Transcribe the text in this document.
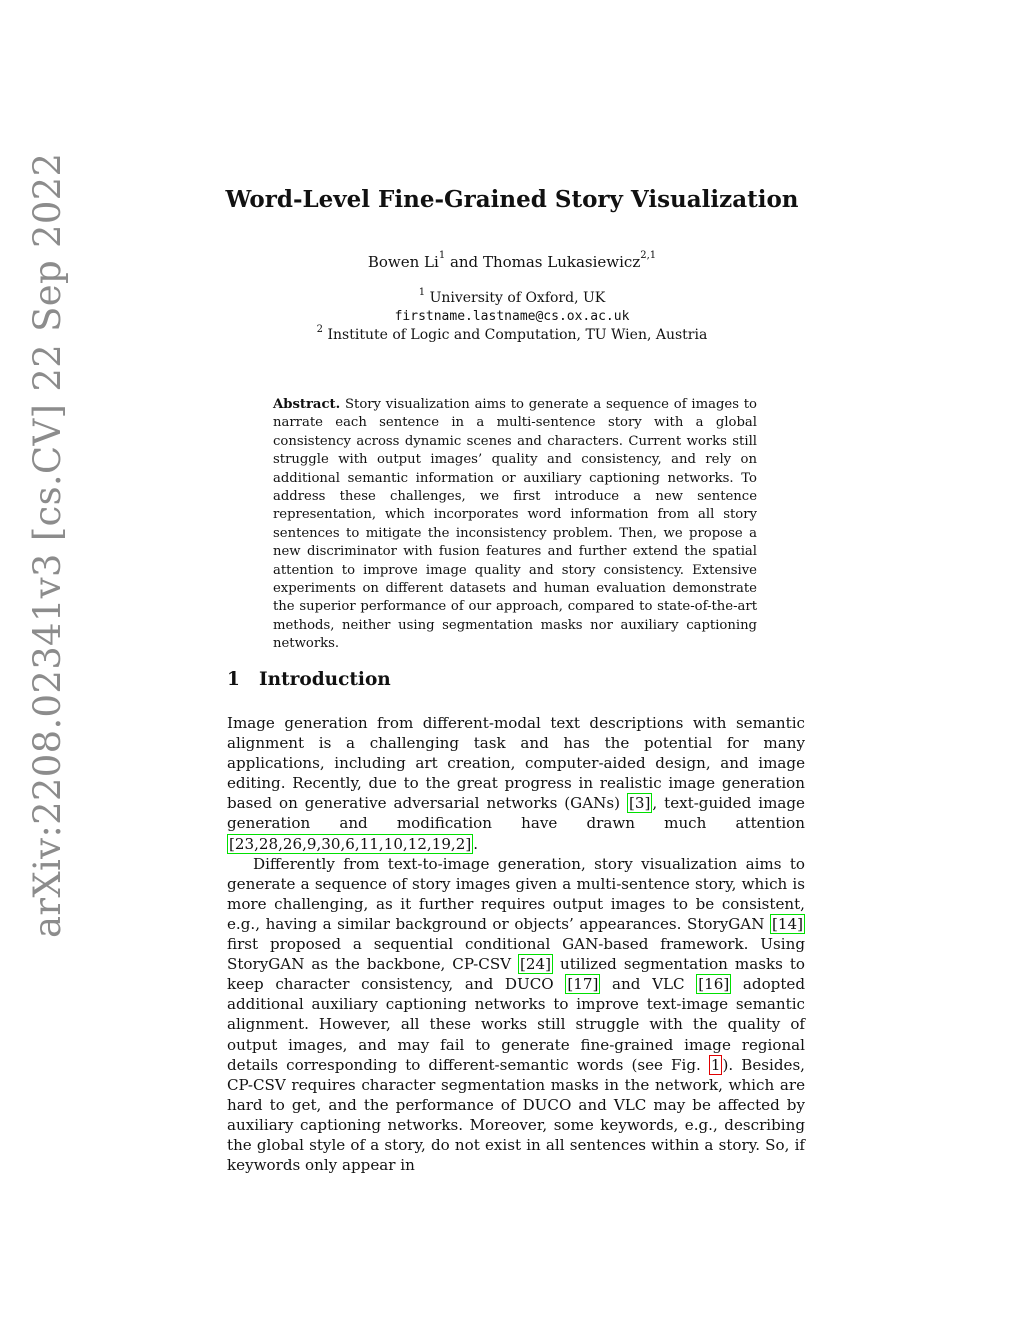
arXiv:2208.02341v3 [cs.CV] 22 Sep 2022	Word-Level Fine-Grained Story Visualization
Bowen Li$^1$ and Thomas Lukasiewicz$^{2,1}$
$^1$ University of Oxford, UK
firstname.lastname@cs.ox.ac.uk
$^2$ Institute of Logic and Computation, TU Wien, Austria
Abstract. Story visualization aims to generate a sequence of images to narrate each sentence in a multi-sentence story with a global consistency across dynamic scenes and characters. Current works still struggle with output images’ quality and consistency, and rely on additional semantic information or auxiliary captioning networks. To address these challenges, we first introduce a new sentence representation, which incorporates word information from all story sentences to mitigate the inconsistency problem. Then, we propose a new discriminator with fusion features and further extend the spatial attention to improve image quality and story consistency. Extensive experiments on different datasets and human evaluation demonstrate the superior performance of our approach, compared to state-of-the-art methods, neither using segmentation masks nor auxiliary captioning networks.
1 Introduction

Image generation from different-modal text descriptions with semantic alignment is a challenging task and has the potential for many applications, including art creation, computer-aided design, and image editing. Recently, due to the great progress in realistic image generation based on generative adversarial networks (GANs) [3] , text-guided image generation and modification have drawn much attention [23,28,26,9,30,6,11,10,12,19,2] .

Differently from text-to-image generation, story visualization aims to generate a sequence of story images given a multi-sentence story, which is more challenging, as it further requires output images to be consistent, e.g., having a similar background or objects’ appearances. StoryGAN [14] first proposed a sequential conditional GAN-based framework. Using StoryGAN as the backbone, CP-CSV [24] utilized segmentation masks to keep character consistency, and DUCO [17] and VLC [16] adopted additional auxiliary captioning networks to improve text-image semantic alignment. However, all these works still struggle with the quality of output images, and may fail to generate fine-grained image regional details corresponding to different-semantic words (see Fig. 1 ). Besides, CP-CSV requires character segmentation masks in the network, which are hard to get, and the performance of DUCO and VLC may be affected by auxiliary captioning networks. Moreover, some keywords, e.g., describing the global style of a story, do not exist in all sentences within a story. So, if keywords only appear in
